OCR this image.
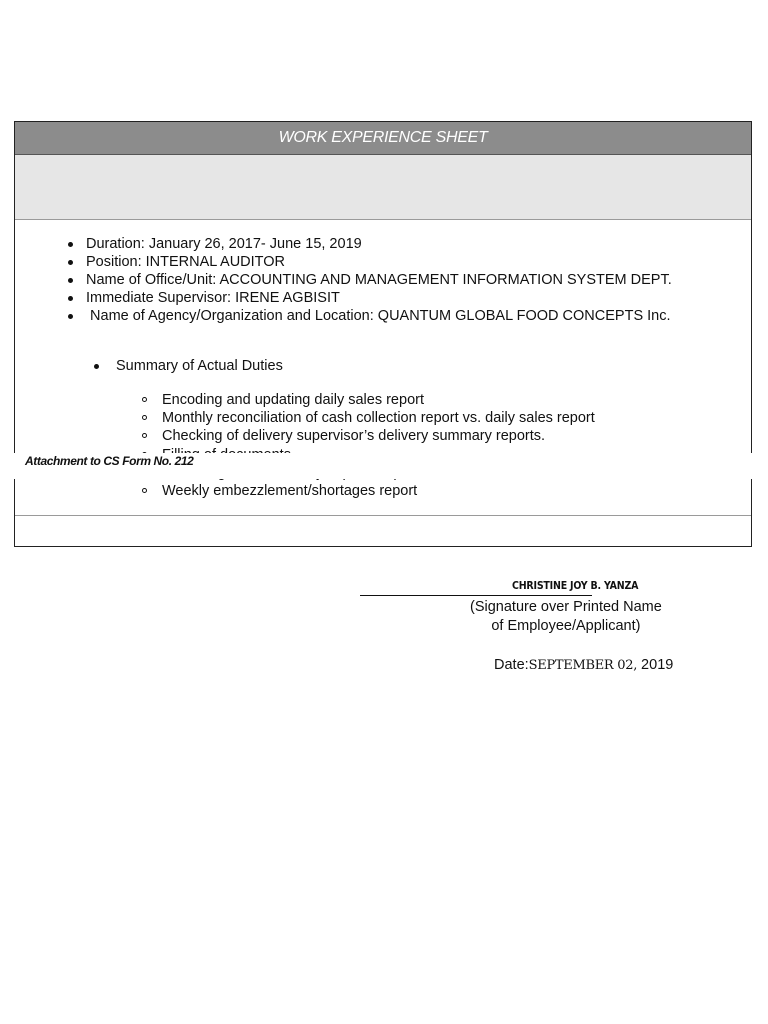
WORK EXPERIENCE SHEET
Duration: January 26, 2017- June 15, 2019
Position: INTERNAL AUDITOR
Name of Office/Unit: ACCOUNTING AND MANAGEMENT INFORMATION SYSTEM DEPT.
Immediate Supervisor: IRENE AGBISIT
Name of Agency/Organization and Location: QUANTUM GLOBAL FOOD CONCEPTS Inc.
Summary of Actual Duties
Encoding and updating daily sales report
Monthly reconciliation of cash collection report vs. daily sales report
Checking of delivery supervisor’s delivery summary reports.
Weekly embezzlement/shortages report
Attachment to CS Form No. 212
CHRISTINE JOY B. YANZA
(Signature over Printed Name
of Employee/Applicant)
Date:SEPTEMBER 02, 2019
